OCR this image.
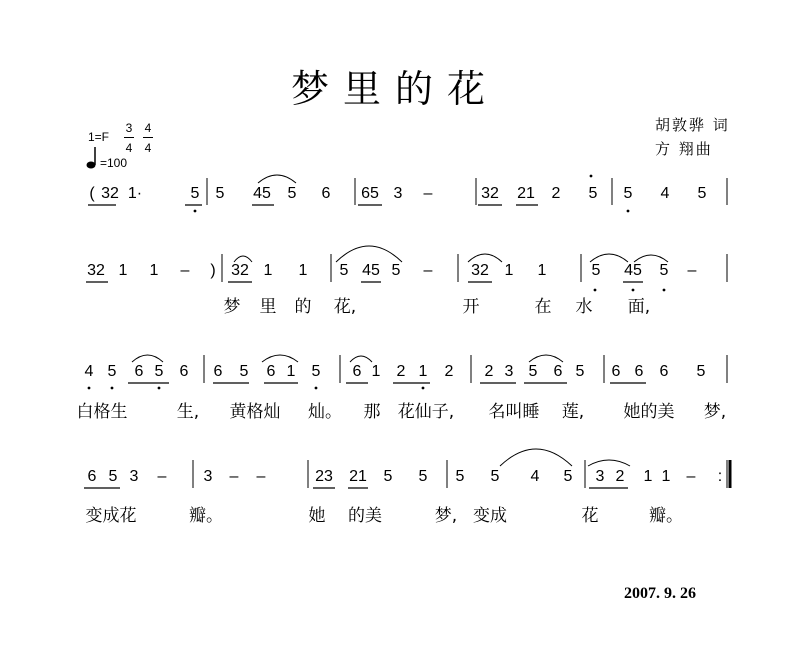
梦里的花
胡敦骅 词
方 翔曲
1=F
3
4
4
4
=100
( 32 1·	5 5 45 5 6 65 3 –	32 21 2 5 5 4 5
32 1 1 – ) 32 1 1 5 45 5 – 32 1 1	5 45 5 –
梦 里 的 花,	开	在 水 面,
4 5 6 5 6 6 5 6 1 5 6 1 2 1 2 2 3 5 6 5 6 6 6 5
白格生	生, 黄格灿 灿。 那 花仙子, 名叫睡 莲, 她的美 梦,
6 5 3 – 3 – –	23 21 5 5 5 5 4 5 3 2 1 1 – :
变成花	瓣。	她 的美	梦, 变成	花	瓣。
2007. 9. 26
